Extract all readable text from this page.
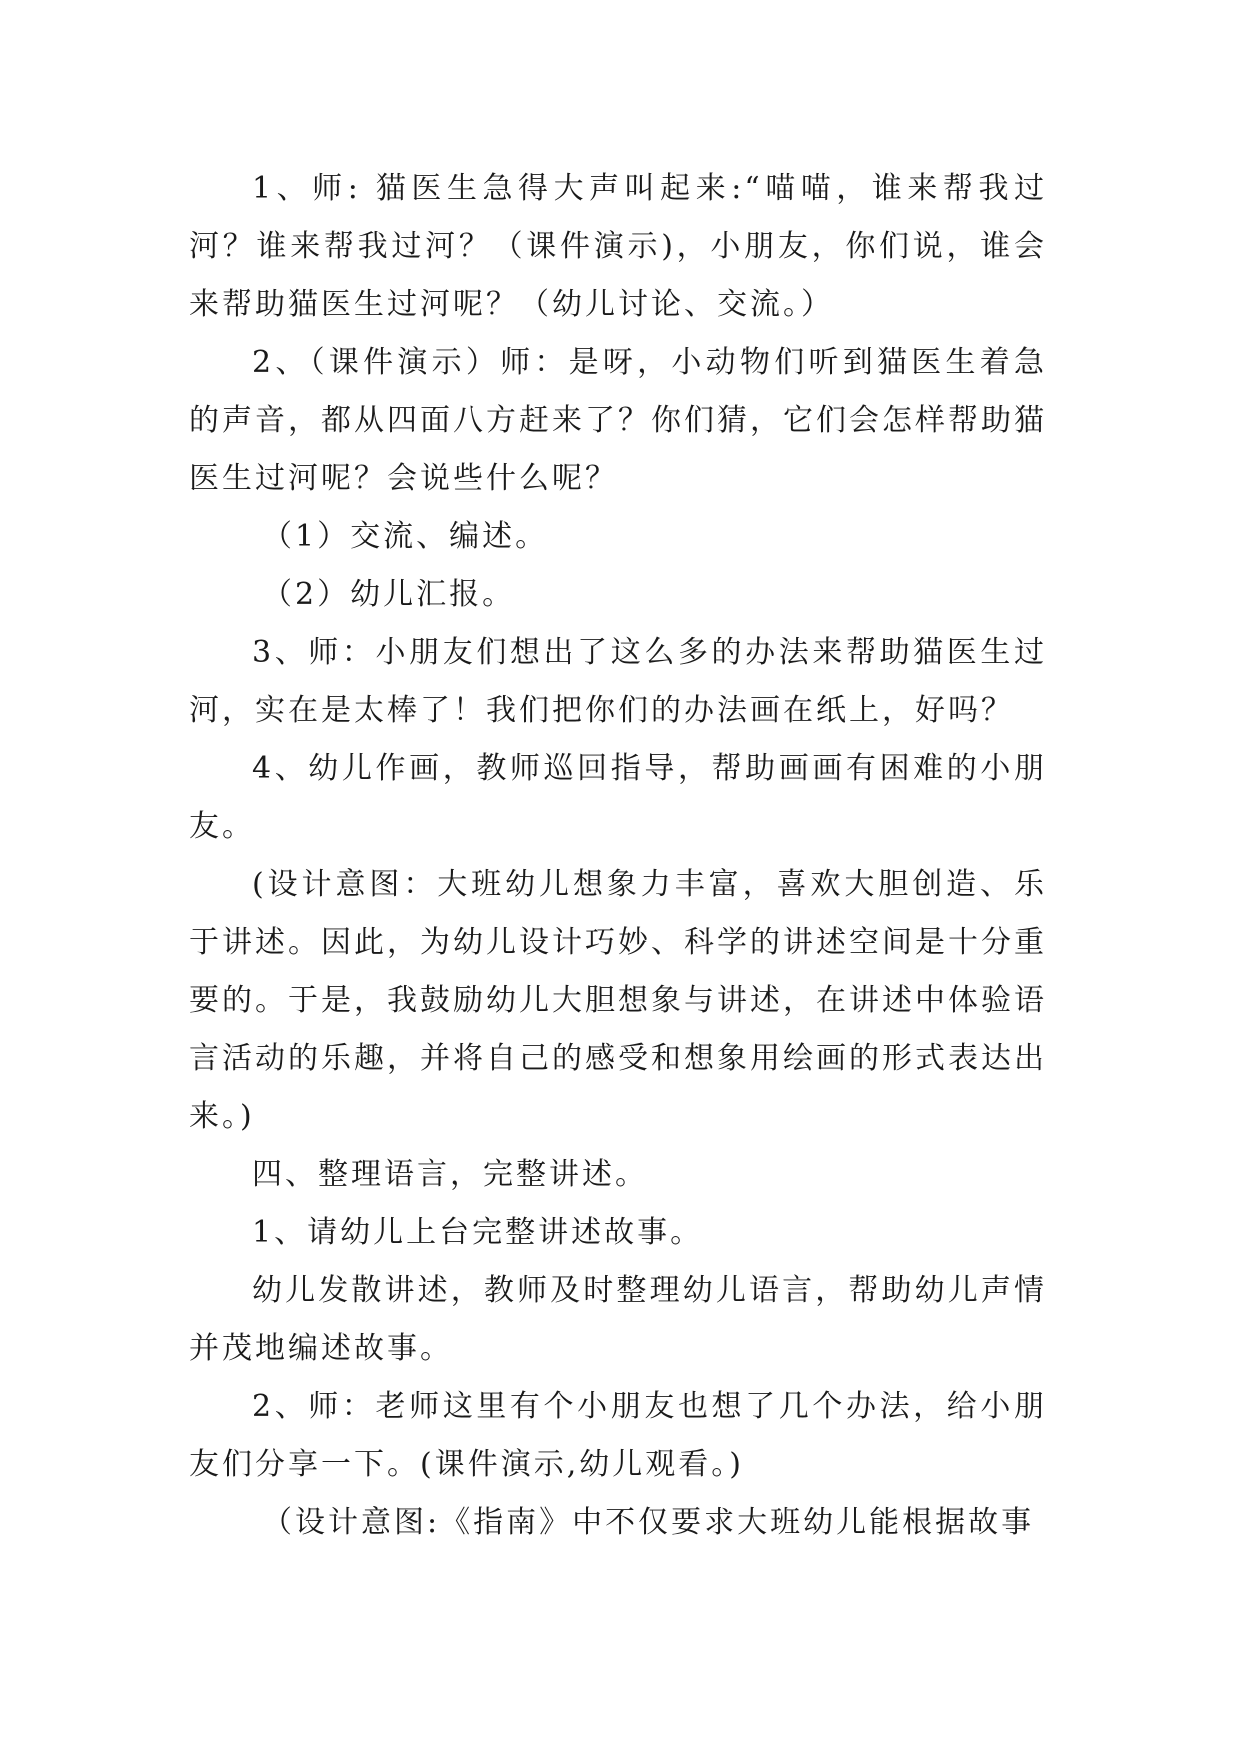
1、师: 猫医生急得大声叫起来:“喵喵，谁来帮我过河？谁来帮我过河？（课件演示)，小朋友，你们说，谁会来帮助猫医生过河呢？（幼儿讨论、交流。）

2、（课件演示）师：是呀，小动物们听到猫医生着急的声音，都从四面八方赶来了？你们猜，它们会怎样帮助猫医生过河呢？会说些什么呢？

（1）交流、编述。

（2）幼儿汇报。

3、师：小朋友们想出了这么多的办法来帮助猫医生过河，实在是太棒了！我们把你们的办法画在纸上，好吗？

4、幼儿作画，教师巡回指导，帮助画画有困难的小朋友。

(设计意图：大班幼儿想象力丰富，喜欢大胆创造、乐于讲述。因此，为幼儿设计巧妙、科学的讲述空间是十分重要的。于是，我鼓励幼儿大胆想象与讲述，在讲述中体验语言活动的乐趣，并将自己的感受和想象用绘画的形式表达出来。)

四、整理语言，完整讲述。

1、请幼儿上台完整讲述故事。

幼儿发散讲述，教师及时整理幼儿语言，帮助幼儿声情并茂地编述故事。

2、师：老师这里有个小朋友也想了几个办法，给小朋友们分享一下。(课件演示,幼儿观看。)

（设计意图:《指南》中不仅要求大班幼儿能根据故事
